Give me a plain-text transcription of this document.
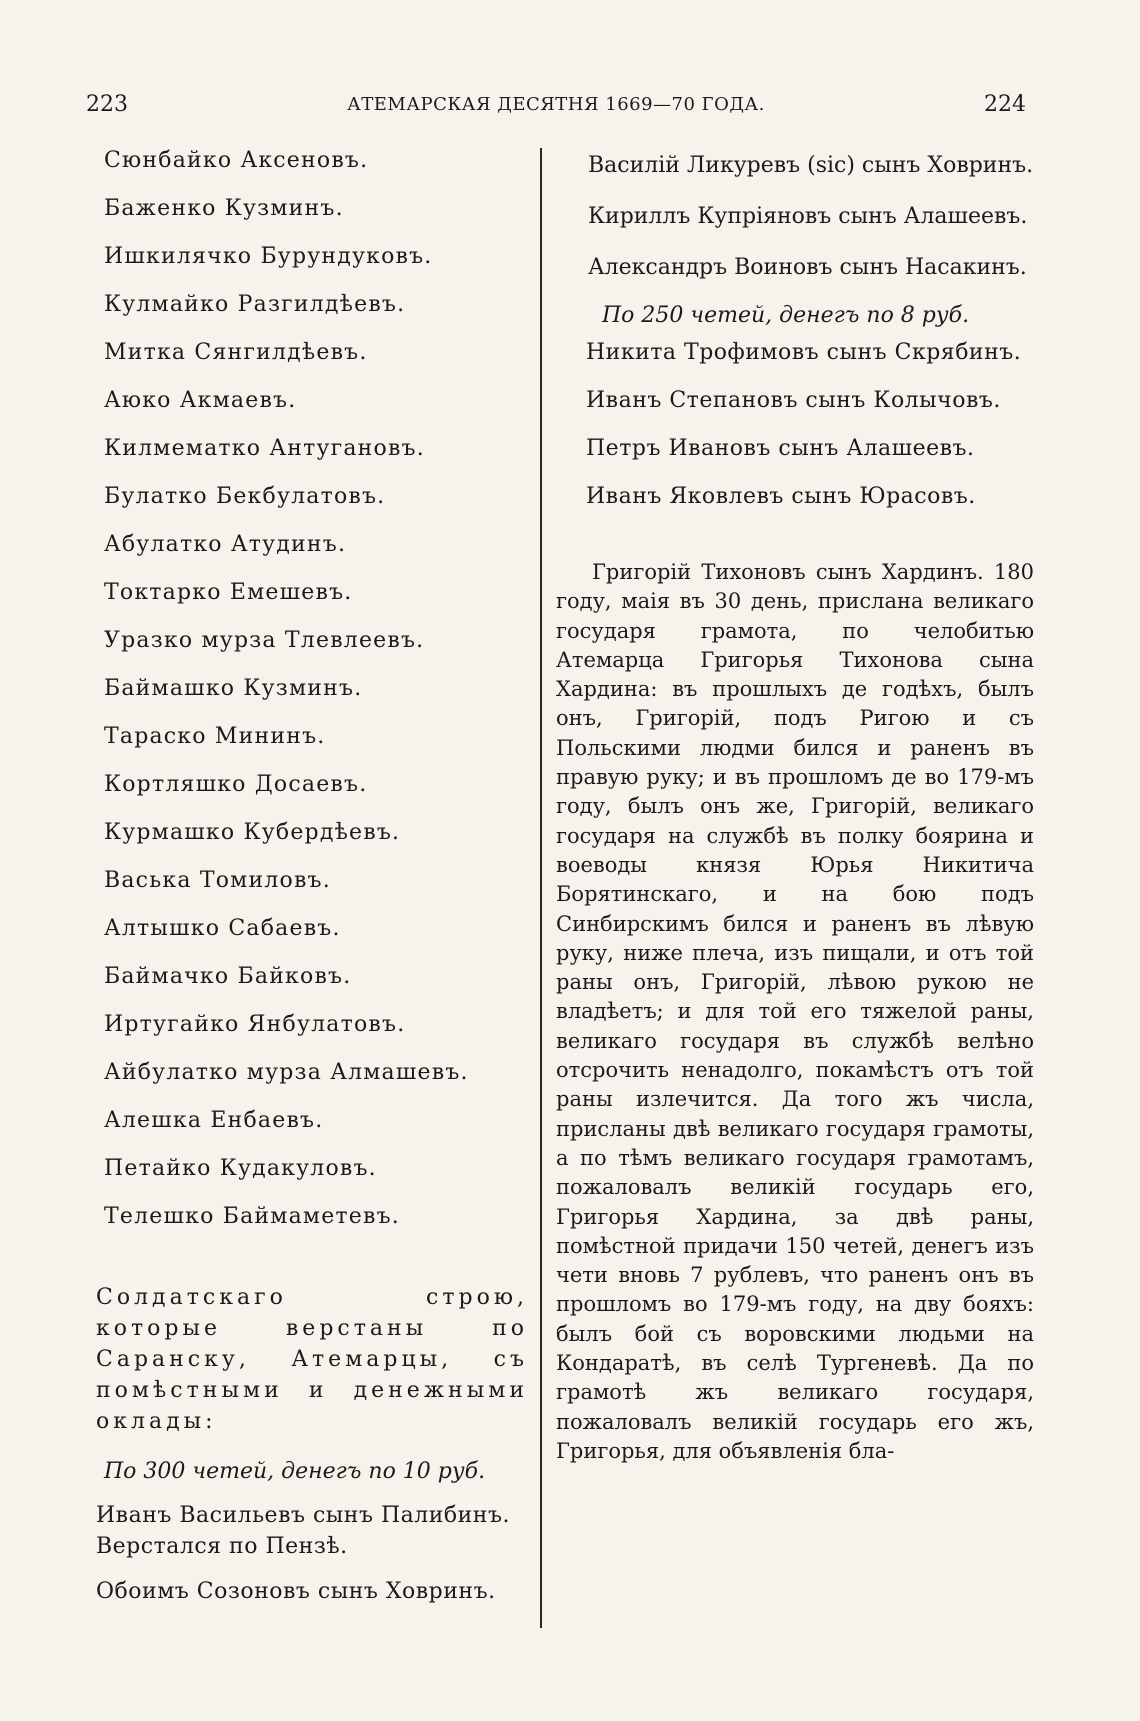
223	АТЕМАРСКАЯ ДЕСЯТНЯ 1669—70 ГОДА.	224
Сюнбайко Аксеновъ.
Баженко Кузминъ.
Ишкилячко Бурундуковъ.
Кулмайко Разгилдѣевъ.
Митка Сянгилдѣевъ.
Аюко Акмаевъ.
Килмематко Антугановъ.
Булатко Бекбулатовъ.
Абулатко Атудинъ.
Токтарко Емешевъ.
Уразко мурза Тлевлеевъ.
Баймашко Кузминъ.
Тараско Мининъ.
Кортляшко Досаевъ.
Курмашко Кубердѣевъ.
Васька Томиловъ.
Алтышко Сабаевъ.
Баймачко Байковъ.
Иртугайко Янбулатовъ.
Айбулатко мурза Алмашевъ.
Алешка Енбаевъ.
Петайко Кудакуловъ.
Телешко Баймаметевъ.
Солдатскаго строю, которые верстаны по Саранску, Атемарцы, съ помѣстными и денежными оклады:
По 300 четей, денегъ по 10 руб.
Иванъ Васильевъ сынъ Палибинъ. Верстался по Пензѣ.
Обоимъ Созоновъ сынъ Ховринъ.
Василій Ликуревъ (sic) сынъ Ховринъ.
Кириллъ Купріяновъ сынъ Алашеевъ.
Александръ Воиновъ сынъ Насакинъ.
По 250 четей, денегъ по 8 руб.
Никита Трофимовъ сынъ Скрябинъ.
Иванъ Степановъ сынъ Колычовъ.
Петръ Ивановъ сынъ Алашеевъ.
Иванъ Яковлевъ сынъ Юрасовъ.
Григорій Тихоновъ сынъ Хардинъ. 180 году, маія въ 30 день, прислана великаго государя грамота, по челобитью Атемарца Григорья Тихонова сына Хардина: въ прошлыхъ де годѣхъ, былъ онъ, Григорій, подъ Ригою и съ Польскими людми бился и раненъ въ правую руку; и въ прошломъ де во 179-мъ году, былъ онъ же, Григорій, великаго государя на службѣ въ полку боярина и воеводы князя Юрья Никитича Борятинскаго, и на бою подъ Синбирскимъ бился и раненъ въ лѣвую руку, ниже плеча, изъ пищали, и отъ той раны онъ, Григорій, лѣвою рукою не владѣетъ; и для той его тяжелой раны, великаго государя въ службѣ велѣно отсрочить ненадолго, покамѣстъ отъ той раны излечится. Да того жъ числа, присланы двѣ великаго государя грамоты, а по тѣмъ великаго государя грамотамъ, пожаловалъ великій государь его, Григорья Хардина, за двѣ раны, помѣстной придачи 150 четей, денегъ изъ чети вновь 7 рублевъ, что раненъ онъ въ прошломъ во 179-мъ году, на дву бояхъ: былъ бой съ воровскими людьми на Кондаратѣ, въ селѣ Тургеневѣ. Да по грамотѣ жъ великаго государя, пожаловалъ великій государь его жъ, Григорья, для объявленія бла-
